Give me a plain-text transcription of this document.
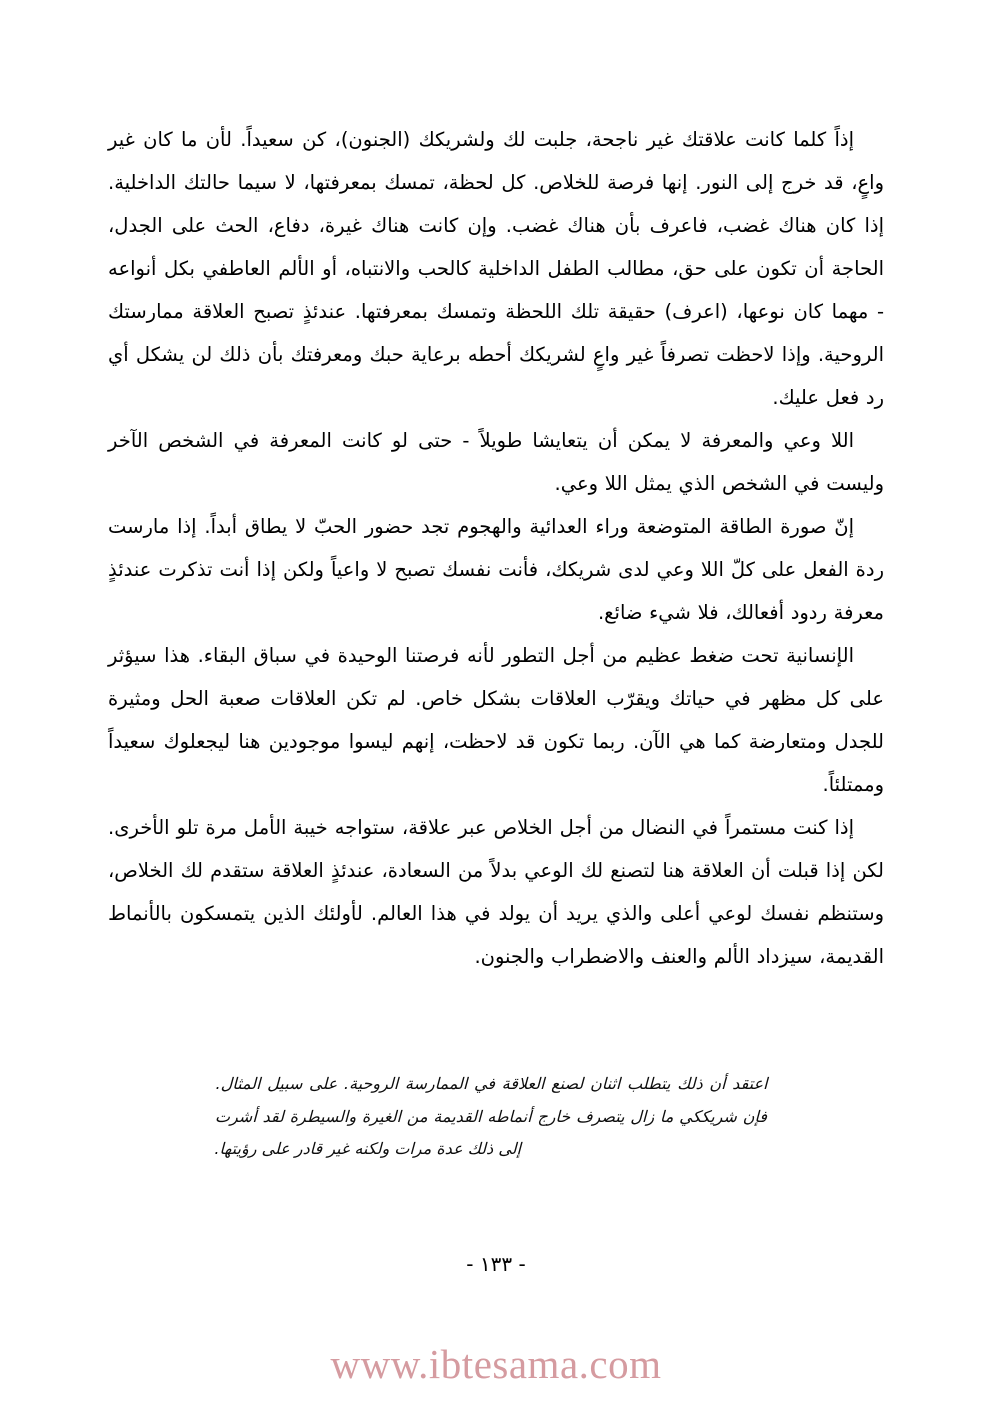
إذاً كلما كانت علاقتك غير ناجحة، جلبت لك ولشريكك (الجنون)، كن سعيداً. لأن ما كان غير واعٍ، قد خرج إلى النور. إنها فرصة للخلاص. كل لحظة، تمسك بمعرفتها، لا سيما حالتك الداخلية. إذا كان هناك غضب، فاعرف بأن هناك غضب. وإن كانت هناك غيرة، دفاع، الحث على الجدل، الحاجة أن تكون على حق، مطالب الطفل الداخلية كالحب والانتباه، أو الألم العاطفي بكل أنواعه - مهما كان نوعها، (اعرف) حقيقة تلك اللحظة وتمسك بمعرفتها. عندئذٍ تصبح العلاقة ممارستك الروحية. وإذا لاحظت تصرفاً غير واعٍ لشريكك أحطه برعاية حبك ومعرفتك بأن ذلك لن يشكل أي رد فعل عليك.

اللا وعي والمعرفة لا يمكن أن يتعايشا طويلاً - حتى لو كانت المعرفة في الشخص الآخر وليست في الشخص الذي يمثل اللا وعي.

إنّ صورة الطاقة المتوضعة وراء العدائية والهجوم تجد حضور الحبّ لا يطاق أبداً. إذا مارست ردة الفعل على كلّ اللا وعي لدى شريكك، فأنت نفسك تصبح لا واعياً ولكن إذا أنت تذكرت عندئذٍ معرفة ردود أفعالك، فلا شيء ضائع.

الإنسانية تحت ضغط عظيم من أجل التطور لأنه فرصتنا الوحيدة في سباق البقاء. هذا سيؤثر على كل مظهر في حياتك ويقرّب العلاقات بشكل خاص. لم تكن العلاقات صعبة الحل ومثيرة للجدل ومتعارضة كما هي الآن. ربما تكون قد لاحظت، إنهم ليسوا موجودين هنا ليجعلوك سعيداً وممتلئاً.

إذا كنت مستمراً في النضال من أجل الخلاص عبر علاقة، ستواجه خيبة الأمل مرة تلو الأخرى. لكن إذا قبلت أن العلاقة هنا لتصنع لك الوعي بدلاً من السعادة، عندئذٍ العلاقة ستقدم لك الخلاص، وستنظم نفسك لوعي أعلى والذي يريد أن يولد في هذا العالم. لأولئك الذين يتمسكون بالأنماط القديمة، سيزداد الألم والعنف والاضطراب والجنون.

اعتقد أن ذلك يتطلب اثنان لصنع العلاقة في الممارسة الروحية. على سبيل المثال. فإن شريككي ما زال يتصرف خارج أنماطه القديمة من الغيرة والسيطرة لقد أشرت إلى ذلك عدة مرات ولكنه غير قادر على رؤيتها.

- ١٣٣ -
www.ibtesama.com
